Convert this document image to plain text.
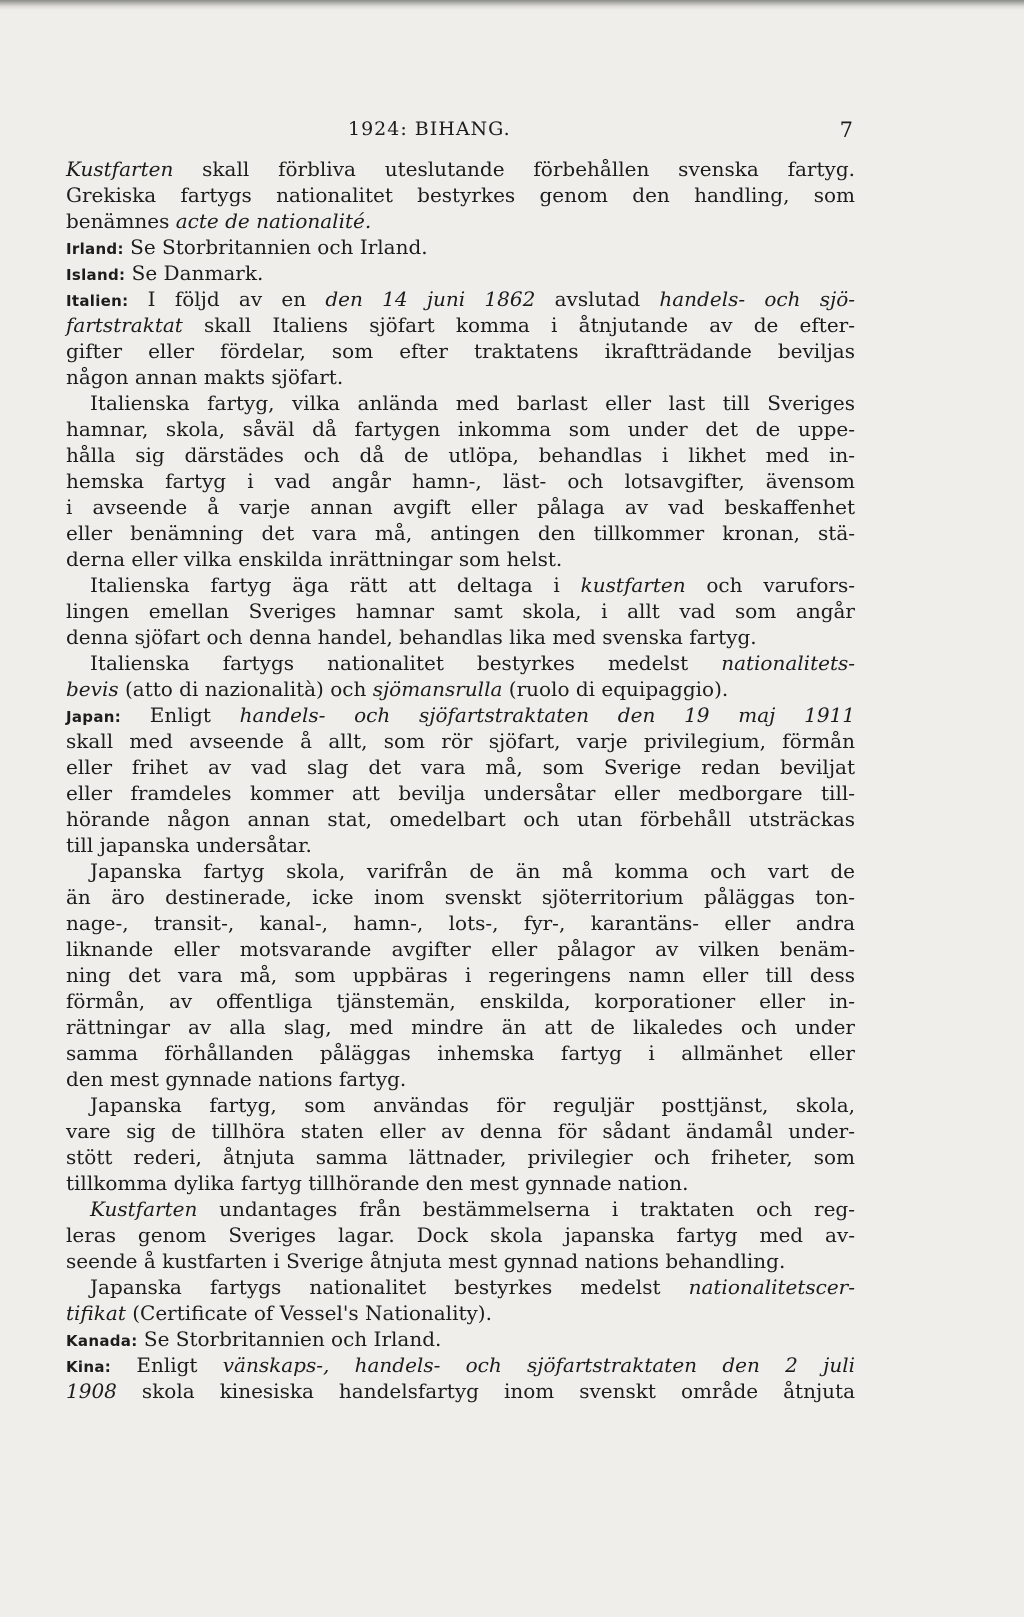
1924: BIHANG.	7
Kustfarten skall förbliva uteslutande förbehållen svenska fartyg.
Grekiska fartygs nationalitet bestyrkes genom den handling, som
benämnes acte de nationalité.
Irland: Se Storbritannien och Irland.
Island: Se Danmark.
Italien: I följd av en den 14 juni 1862 avslutad handels- och sjö-
fartstraktat skall Italiens sjöfart komma i åtnjutande av de efter-
gifter eller fördelar, som efter traktatens ikraftträdande beviljas
någon annan makts sjöfart.
Italienska fartyg, vilka anlända med barlast eller last till Sveriges
hamnar, skola, såväl då fartygen inkomma som under det de uppe-
hålla sig därstädes och då de utlöpa, behandlas i likhet med in-
hemska fartyg i vad angår hamn-, läst- och lotsavgifter, ävensom
i avseende å varje annan avgift eller pålaga av vad beskaffenhet
eller benämning det vara må, antingen den tillkommer kronan, stä-
derna eller vilka enskilda inrättningar som helst.
Italienska fartyg äga rätt att deltaga i kustfarten och varufors-
lingen emellan Sveriges hamnar samt skola, i allt vad som angår
denna sjöfart och denna handel, behandlas lika med svenska fartyg.
Italienska fartygs nationalitet bestyrkes medelst nationalitets-
bevis (atto di nazionalità) och sjömansrulla (ruolo di equipaggio).
Japan: Enligt handels- och sjöfartstraktaten den 19 maj 1911
skall med avseende å allt, som rör sjöfart, varje privilegium, förmån
eller frihet av vad slag det vara må, som Sverige redan beviljat
eller framdeles kommer att bevilja undersåtar eller medborgare till-
hörande någon annan stat, omedelbart och utan förbehåll utsträckas
till japanska undersåtar.
Japanska fartyg skola, varifrån de än må komma och vart de
än äro destinerade, icke inom svenskt sjöterritorium påläggas ton-
nage-, transit-, kanal-, hamn-, lots-, fyr-, karantäns- eller andra
liknande eller motsvarande avgifter eller pålagor av vilken benäm-
ning det vara må, som uppbäras i regeringens namn eller till dess
förmån, av offentliga tjänstemän, enskilda, korporationer eller in-
rättningar av alla slag, med mindre än att de likaledes och under
samma förhållanden påläggas inhemska fartyg i allmänhet eller
den mest gynnade nations fartyg.
Japanska fartyg, som användas för reguljär posttjänst, skola,
vare sig de tillhöra staten eller av denna för sådant ändamål under-
stött rederi, åtnjuta samma lättnader, privilegier och friheter, som
tillkomma dylika fartyg tillhörande den mest gynnade nation.
Kustfarten undantages från bestämmelserna i traktaten och reg-
leras genom Sveriges lagar. Dock skola japanska fartyg med av-
seende å kustfarten i Sverige åtnjuta mest gynnad nations behandling.
Japanska fartygs nationalitet bestyrkes medelst nationalitetscer-
tifikat (Certificate of Vessel's Nationality).
Kanada: Se Storbritannien och Irland.
Kina: Enligt vänskaps-, handels- och sjöfartstraktaten den 2 juli
1908 skola kinesiska handelsfartyg inom svenskt område åtnjuta
